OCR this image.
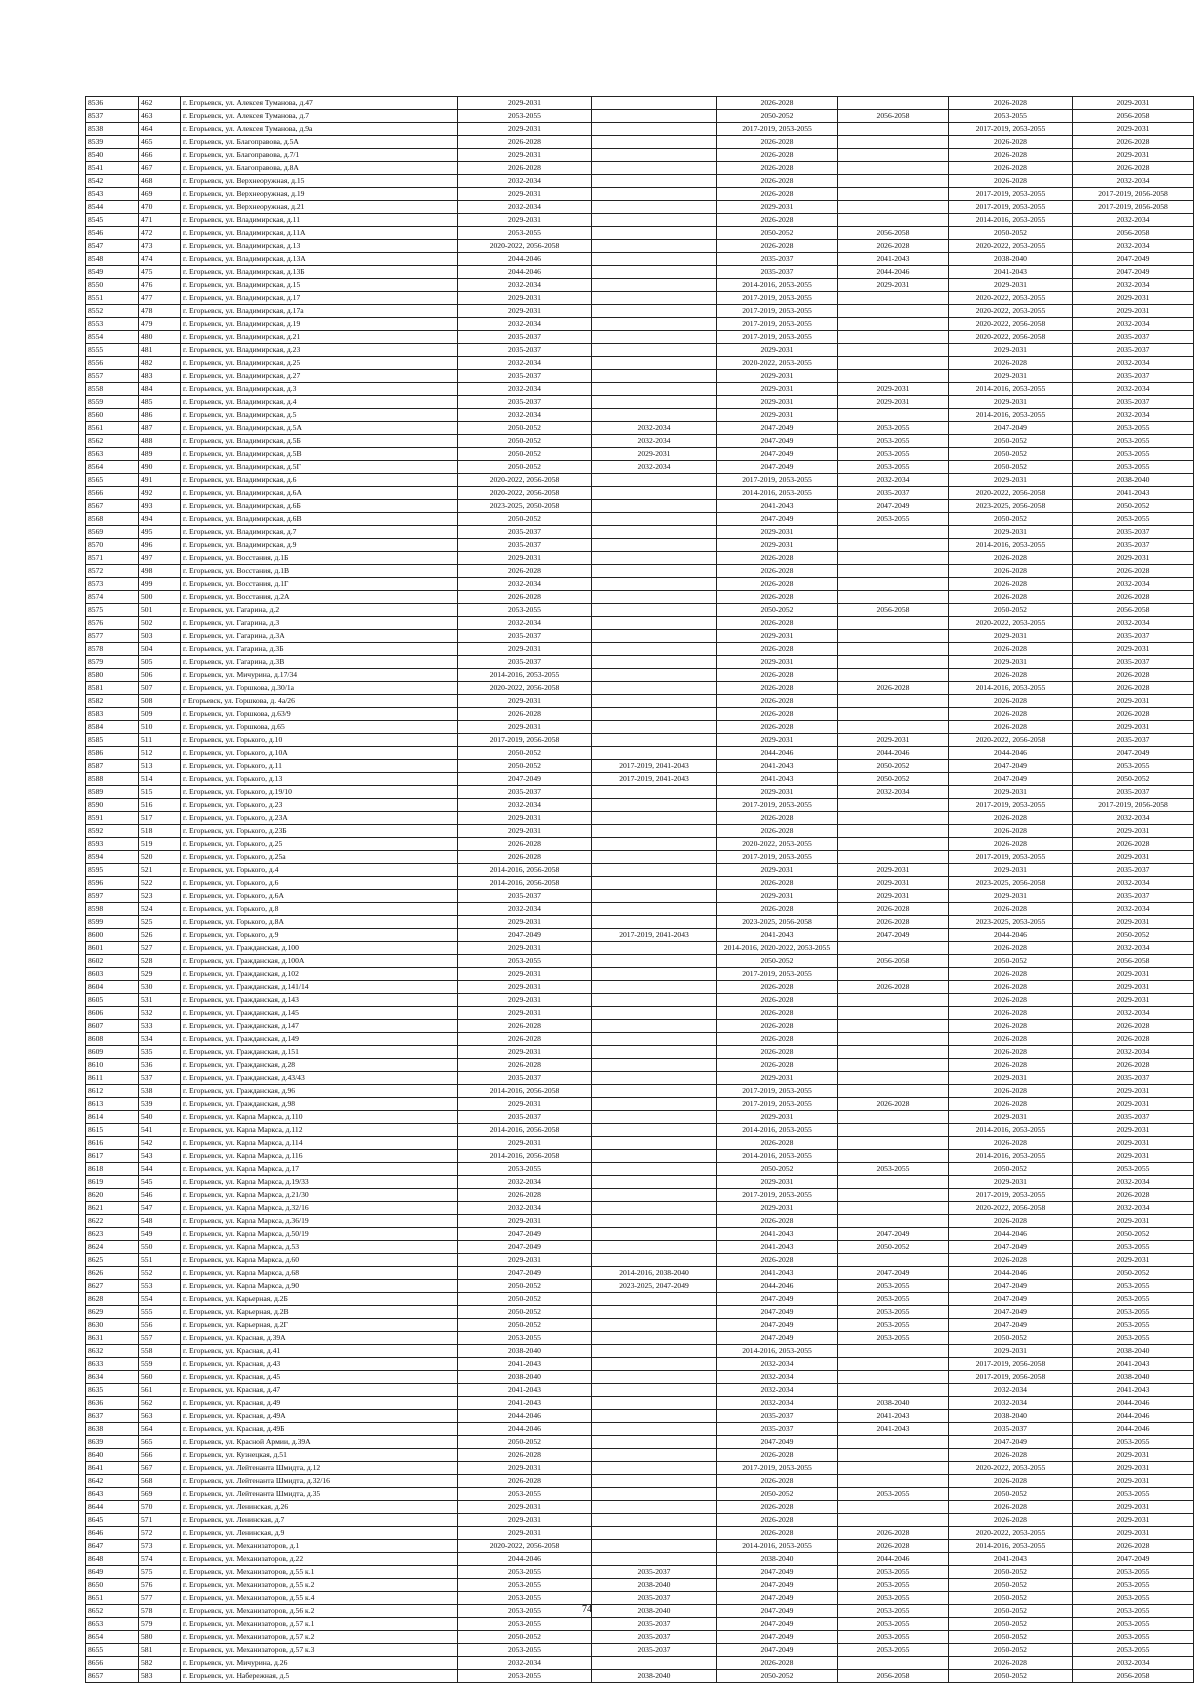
8536	462	г. Егорьевск, ул. Алексея Туманова, д.47	2029-2031		2026-2028		2026-2028	2029-2031
8537	463	г. Егорьевск, ул. Алексея Туманова, д.7	2053-2055		2050-2052	2056-2058	2053-2055	2056-2058
8538	464	г. Егорьевск, ул. Алексея Туманова, д.9а	2029-2031		2017-2019, 2053-2055		2017-2019, 2053-2055	2029-2031
8539	465	г. Егорьевск, ул. Благоправова, д.5А	2026-2028		2026-2028		2026-2028	2026-2028
8540	466	г. Егорьевск, ул. Благоправова, д.7/1	2029-2031		2026-2028		2026-2028	2029-2031
8541	467	г. Егорьевск, ул. Благоправова, д.8А	2026-2028		2026-2028		2026-2028	2026-2028
8542	468	г. Егорьевск, ул. Верхнеоружная, д.15	2032-2034		2026-2028		2026-2028	2032-2034
8543	469	г. Егорьевск, ул. Верхнеоружная, д.19	2029-2031		2026-2028		2017-2019, 2053-2055	2017-2019, 2056-2058
8544	470	г. Егорьевск, ул. Верхнеоружная, д.21	2032-2034		2029-2031		2017-2019, 2053-2055	2017-2019, 2056-2058
8545	471	г. Егорьевск, ул. Владимирская, д.11	2029-2031		2026-2028		2014-2016, 2053-2055	2032-2034
8546	472	г. Егорьевск, ул. Владимирская, д.11А	2053-2055		2050-2052	2056-2058	2050-2052	2056-2058
8547	473	г. Егорьевск, ул. Владимирская, д.13	2020-2022, 2056-2058		2026-2028	2026-2028	2020-2022, 2053-2055	2032-2034
8548	474	г. Егорьевск, ул. Владимирская, д.13А	2044-2046		2035-2037	2041-2043	2038-2040	2047-2049
8549	475	г. Егорьевск, ул. Владимирская, д.13Б	2044-2046		2035-2037	2044-2046	2041-2043	2047-2049
8550	476	г. Егорьевск, ул. Владимирская, д.15	2032-2034		2014-2016, 2053-2055	2029-2031	2029-2031	2032-2034
8551	477	г. Егорьевск, ул. Владимирская, д.17	2029-2031		2017-2019, 2053-2055		2020-2022, 2053-2055	2029-2031
8552	478	г. Егорьевск, ул. Владимирская, д.17а	2029-2031		2017-2019, 2053-2055		2020-2022, 2053-2055	2029-2031
8553	479	г. Егорьевск, ул. Владимирская, д.19	2032-2034		2017-2019, 2053-2055		2020-2022, 2056-2058	2032-2034
8554	480	г. Егорьевск, ул. Владимирская, д.21	2035-2037		2017-2019, 2053-2055		2020-2022, 2056-2058	2035-2037
8555	481	г. Егорьевск, ул. Владимирская, д.23	2035-2037		2029-2031		2029-2031	2035-2037
8556	482	г. Егорьевск, ул. Владимирская, д.25	2032-2034		2020-2022, 2053-2055		2026-2028	2032-2034
8557	483	г. Егорьевск, ул. Владимирская, д.27	2035-2037		2029-2031		2029-2031	2035-2037
8558	484	г. Егорьевск, ул. Владимирская, д.3	2032-2034		2029-2031	2029-2031	2014-2016, 2053-2055	2032-2034
8559	485	г. Егорьевск, ул. Владимирская, д.4	2035-2037		2029-2031	2029-2031	2029-2031	2035-2037
8560	486	г. Егорьевск, ул. Владимирская, д.5	2032-2034		2029-2031		2014-2016, 2053-2055	2032-2034
8561	487	г. Егорьевск, ул. Владимирская, д.5А	2050-2052	2032-2034	2047-2049	2053-2055	2047-2049	2053-2055
8562	488	г. Егорьевск, ул. Владимирская, д.5Б	2050-2052	2032-2034	2047-2049	2053-2055	2050-2052	2053-2055
8563	489	г. Егорьевск, ул. Владимирская, д.5В	2050-2052	2029-2031	2047-2049	2053-2055	2050-2052	2053-2055
8564	490	г. Егорьевск, ул. Владимирская, д.5Г	2050-2052	2032-2034	2047-2049	2053-2055	2050-2052	2053-2055
8565	491	г. Егорьевск, ул. Владимирская, д.6	2020-2022, 2056-2058		2017-2019, 2053-2055	2032-2034	2029-2031	2038-2040
8566	492	г. Егорьевск, ул. Владимирская, д.6А	2020-2022, 2056-2058		2014-2016, 2053-2055	2035-2037	2020-2022, 2056-2058	2041-2043
8567	493	г. Егорьевск, ул. Владимирская, д.6Б	2023-2025, 2050-2058		2041-2043	2047-2049	2023-2025, 2056-2058	2050-2052
8568	494	г. Егорьевск, ул. Владимирская, д.6В	2050-2052		2047-2049	2053-2055	2050-2052	2053-2055
8569	495	г. Егорьевск, ул. Владимирская, д.7	2035-2037		2029-2031		2029-2031	2035-2037
8570	496	г. Егорьевск, ул. Владимирская, д.9	2035-2037		2029-2031		2014-2016, 2053-2055	2035-2037
8571	497	г. Егорьевск, ул. Восстания, д.1Б	2029-2031		2026-2028		2026-2028	2029-2031
8572	498	г. Егорьевск, ул. Восстания, д.1В	2026-2028		2026-2028		2026-2028	2026-2028
8573	499	г. Егорьевск, ул. Восстания, д.1Г	2032-2034		2026-2028		2026-2028	2032-2034
8574	500	г. Егорьевск, ул. Восстания, д.2А	2026-2028		2026-2028		2026-2028	2026-2028
8575	501	г. Егорьевск, ул. Гагарина, д.2	2053-2055		2050-2052	2056-2058	2050-2052	2056-2058
8576	502	г. Егорьевск, ул. Гагарина, д.3	2032-2034		2026-2028		2020-2022, 2053-2055	2032-2034
8577	503	г. Егорьевск, ул. Гагарина, д.3А	2035-2037		2029-2031		2029-2031	2035-2037
8578	504	г. Егорьевск, ул. Гагарина, д.3Б	2029-2031		2026-2028		2026-2028	2029-2031
8579	505	г. Егорьевск, ул. Гагарина, д.3В	2035-2037		2029-2031		2029-2031	2035-2037
8580	506	г. Егорьевск, ул. Мичурина, д.17/34	2014-2016, 2053-2055		2026-2028		2026-2028	2026-2028
8581	507	г. Егорьевск, ул. Горшкова, д.30/1а	2020-2022, 2056-2058		2026-2028	2026-2028	2014-2016, 2053-2055	2026-2028
8582	508	г Егорьевск, ул. Горшкова, д. 4а/26	2029-2031		2026-2028		2026-2028	2029-2031
8583	509	г. Егорьевск, ул. Горшкова, д.63/9	2026-2028		2026-2028		2026-2028	2026-2028
8584	510	г. Егорьевск, ул. Горшкова, д.65	2029-2031		2026-2028		2026-2028	2029-2031
8585	511	г. Егорьевск, ул. Горького, д.10	2017-2019, 2056-2058		2029-2031	2029-2031	2020-2022, 2056-2058	2035-2037
8586	512	г. Егорьевск, ул. Горького, д.10А	2050-2052		2044-2046	2044-2046	2044-2046	2047-2049
8587	513	г. Егорьевск, ул. Горького, д.11	2050-2052	2017-2019, 2041-2043	2041-2043	2050-2052	2047-2049	2053-2055
8588	514	г. Егорьевск, ул. Горького, д.13	2047-2049	2017-2019, 2041-2043	2041-2043	2050-2052	2047-2049	2050-2052
8589	515	г. Егорьевск, ул. Горького, д.19/10	2035-2037		2029-2031	2032-2034	2029-2031	2035-2037
8590	516	г. Егорьевск, ул. Горького, д.23	2032-2034		2017-2019, 2053-2055		2017-2019, 2053-2055	2017-2019, 2056-2058
8591	517	г. Егорьевск, ул. Горького, д.23А	2029-2031		2026-2028		2026-2028	2032-2034
8592	518	г. Егорьевск, ул. Горького, д.23Б	2029-2031		2026-2028		2026-2028	2029-2031
8593	519	г. Егорьевск, ул. Горького, д.25	2026-2028		2020-2022, 2053-2055		2026-2028	2026-2028
8594	520	г. Егорьевск, ул. Горького, д.25а	2026-2028		2017-2019, 2053-2055		2017-2019, 2053-2055	2029-2031
8595	521	г. Егорьевск, ул. Горького, д.4	2014-2016, 2056-2058		2029-2031	2029-2031	2029-2031	2035-2037
8596	522	г. Егорьевск, ул. Горького, д.6	2014-2016, 2056-2058		2026-2028	2029-2031	2023-2025, 2056-2058	2032-2034
8597	523	г. Егорьевск, ул. Горького, д.6А	2035-2037		2029-2031	2029-2031	2029-2031	2035-2037
8598	524	г. Егорьевск, ул. Горького, д.8	2032-2034		2026-2028	2026-2028	2026-2028	2032-2034
8599	525	г. Егорьевск, ул. Горького, д.8А	2029-2031		2023-2025, 2056-2058	2026-2028	2023-2025, 2053-2055	2029-2031
8600	526	г. Егорьевск, ул. Горького, д.9	2047-2049	2017-2019, 2041-2043	2041-2043	2047-2049	2044-2046	2050-2052
8601	527	г. Егорьевск, ул. Гражданская, д.100	2029-2031		2014-2016, 2020-2022, 2053-2055		2026-2028	2032-2034
8602	528	г. Егорьевск, ул. Гражданская, д.100А	2053-2055		2050-2052	2056-2058	2050-2052	2056-2058
8603	529	г. Егорьевск, ул. Гражданская, д.102	2029-2031		2017-2019, 2053-2055		2026-2028	2029-2031
8604	530	г. Егорьевск, ул. Гражданская, д.141/14	2029-2031		2026-2028	2026-2028	2026-2028	2029-2031
8605	531	г. Егорьевск, ул. Гражданская, д.143	2029-2031		2026-2028		2026-2028	2029-2031
8606	532	г. Егорьевск, ул. Гражданская, д.145	2029-2031		2026-2028		2026-2028	2032-2034
8607	533	г. Егорьевск, ул. Гражданская, д.147	2026-2028		2026-2028		2026-2028	2026-2028
8608	534	г. Егорьевск, ул. Гражданская, д.149	2026-2028		2026-2028		2026-2028	2026-2028
8609	535	г. Егорьевск, ул. Гражданская, д.151	2029-2031		2026-2028		2026-2028	2032-2034
8610	536	г. Егорьевск, ул. Гражданская, д.28	2026-2028		2026-2028		2026-2028	2026-2028
8611	537	г. Егорьевск, ул. Гражданская, д.43/43	2035-2037		2029-2031		2029-2031	2035-2037
8612	538	г. Егорьевск, ул. Гражданская, д.96	2014-2016, 2056-2058		2017-2019, 2053-2055		2026-2028	2029-2031
8613	539	г. Егорьевск, ул. Гражданская, д.98	2029-2031		2017-2019, 2053-2055	2026-2028	2026-2028	2029-2031
8614	540	г. Егорьевск, ул. Карла Маркса, д.110	2035-2037		2029-2031		2029-2031	2035-2037
8615	541	г. Егорьевск, ул. Карла Маркса, д.112	2014-2016, 2056-2058		2014-2016, 2053-2055		2014-2016, 2053-2055	2029-2031
8616	542	г. Егорьевск, ул. Карла Маркса, д.114	2029-2031		2026-2028		2026-2028	2029-2031
8617	543	г. Егорьевск, ул. Карла Маркса, д.116	2014-2016, 2056-2058		2014-2016, 2053-2055		2014-2016, 2053-2055	2029-2031
8618	544	г. Егорьевск, ул. Карла Маркса, д.17	2053-2055		2050-2052	2053-2055	2050-2052	2053-2055
8619	545	г. Егорьевск, ул. Карла Маркса, д.19/33	2032-2034		2029-2031		2029-2031	2032-2034
8620	546	г. Егорьевск, ул. Карла Маркса, д.21/30	2026-2028		2017-2019, 2053-2055		2017-2019, 2053-2055	2026-2028
8621	547	г. Егорьевск, ул. Карла Маркса, д.32/16	2032-2034		2029-2031		2020-2022, 2056-2058	2032-2034
8622	548	г. Егорьевск, ул. Карла Маркса, д.36/19	2029-2031		2026-2028		2026-2028	2029-2031
8623	549	г. Егорьевск, ул. Карла Маркса, д.50/19	2047-2049		2041-2043	2047-2049	2044-2046	2050-2052
8624	550	г. Егорьевск, ул. Карла Маркса, д.53	2047-2049		2041-2043	2050-2052	2047-2049	2053-2055
8625	551	г. Егорьевск, ул. Карла Маркса, д.60	2029-2031		2026-2028		2026-2028	2029-2031
8626	552	г. Егорьевск, ул. Карла Маркса, д.68	2047-2049	2014-2016, 2038-2040	2041-2043	2047-2049	2044-2046	2050-2052
8627	553	г. Егорьевск, ул. Карла Маркса, д.90	2050-2052	2023-2025, 2047-2049	2044-2046	2053-2055	2047-2049	2053-2055
8628	554	г. Егорьевск, ул. Карьерная, д.2Б	2050-2052		2047-2049	2053-2055	2047-2049	2053-2055
8629	555	г. Егорьевск, ул. Карьерная, д.2В	2050-2052		2047-2049	2053-2055	2047-2049	2053-2055
8630	556	г. Егорьевск, ул. Карьерная, д.2Г	2050-2052		2047-2049	2053-2055	2047-2049	2053-2055
8631	557	г. Егорьевск, ул. Красная, д.39А	2053-2055		2047-2049	2053-2055	2050-2052	2053-2055
8632	558	г. Егорьевск, ул. Красная, д.41	2038-2040		2014-2016, 2053-2055		2029-2031	2038-2040
8633	559	г. Егорьевск, ул. Красная, д.43	2041-2043		2032-2034		2017-2019, 2056-2058	2041-2043
8634	560	г. Егорьевск, ул. Красная, д.45	2038-2040		2032-2034		2017-2019, 2056-2058	2038-2040
8635	561	г. Егорьевск, ул. Красная, д.47	2041-2043		2032-2034		2032-2034	2041-2043
8636	562	г. Егорьевск, ул. Красная, д.49	2041-2043		2032-2034	2038-2040	2032-2034	2044-2046
8637	563	г. Егорьевск, ул. Красная, д.49А	2044-2046		2035-2037	2041-2043	2038-2040	2044-2046
8638	564	г. Егорьевск, ул. Красная, д.49Б	2044-2046		2035-2037	2041-2043	2035-2037	2044-2046
8639	565	г. Егорьевск, ул. Красной Армии, д.39А	2050-2052		2047-2049		2047-2049	2053-2055
8640	566	г. Егорьевск, ул. Кузнецкая, д.51	2026-2028		2026-2028		2026-2028	2029-2031
8641	567	г. Егорьевск, ул. Лейтенанта Шмидта, д.12	2029-2031		2017-2019, 2053-2055		2020-2022, 2053-2055	2029-2031
8642	568	г. Егорьевск, ул. Лейтенанта Шмидта, д.32/16	2026-2028		2026-2028		2026-2028	2029-2031
8643	569	г. Егорьевск, ул. Лейтенанта Шмидта, д.35	2053-2055		2050-2052	2053-2055	2050-2052	2053-2055
8644	570	г. Егорьевск, ул. Ленинская, д.26	2029-2031		2026-2028		2026-2028	2029-2031
8645	571	г. Егорьевск, ул. Ленинская, д.7	2029-2031		2026-2028		2026-2028	2029-2031
8646	572	г. Егорьевск, ул. Ленинская, д.9	2029-2031		2026-2028	2026-2028	2020-2022, 2053-2055	2029-2031
8647	573	г. Егорьевск, ул. Механизаторов, д.1	2020-2022, 2056-2058		2014-2016, 2053-2055	2026-2028	2014-2016, 2053-2055	2026-2028
8648	574	г. Егорьевск, ул. Механизаторов, д.22	2044-2046		2038-2040	2044-2046	2041-2043	2047-2049
8649	575	г. Егорьевск, ул. Механизаторов, д.55 к.1	2053-2055	2035-2037	2047-2049	2053-2055	2050-2052	2053-2055
8650	576	г. Егорьевск, ул. Механизаторов, д.55 к.2	2053-2055	2038-2040	2047-2049	2053-2055	2050-2052	2053-2055
8651	577	г. Егорьевск, ул. Механизаторов, д.55 к.4	2053-2055	2035-2037	2047-2049	2053-2055	2050-2052	2053-2055
8652	578	г. Егорьевск, ул. Механизаторов, д.56 к.2	2053-2055	2038-2040	2047-2049	2053-2055	2050-2052	2053-2055
8653	579	г. Егорьевск, ул. Механизаторов, д.57 к.1	2053-2055	2035-2037	2047-2049	2053-2055	2050-2052	2053-2055
8654	580	г. Егорьевск, ул. Механизаторов, д.57 к.2	2050-2052	2035-2037	2047-2049	2053-2055	2050-2052	2053-2055
8655	581	г. Егорьевск, ул. Механизаторов, д.57 к.3	2053-2055	2035-2037	2047-2049	2053-2055	2050-2052	2053-2055
8656	582	г. Егорьевск, ул. Мичурина, д.26	2032-2034		2026-2028		2026-2028	2032-2034
8657	583	г. Егорьевск, ул. Набережная, д.5	2053-2055	2038-2040	2050-2052	2056-2058	2050-2052	2056-2058
74
